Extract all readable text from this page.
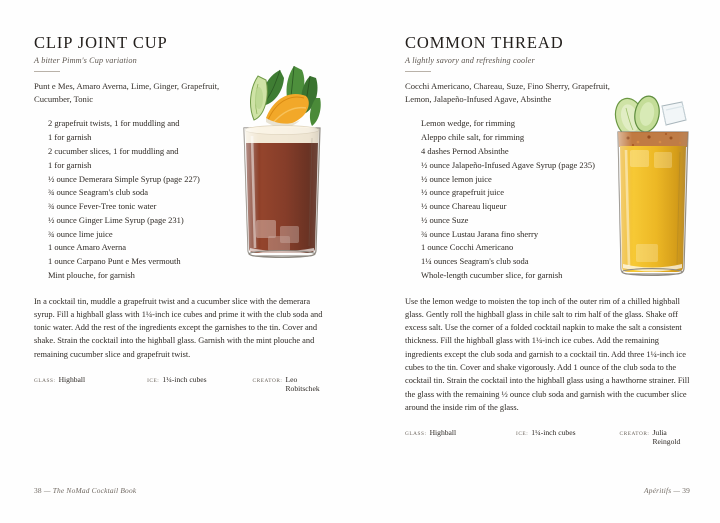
CLIP JOINT CUP

A bitter Pimm's Cup variation

Punt e Mes, Amaro Averna, Lime, Ginger, Grapefruit, Cucumber, Tonic

2 grapefruit twists, 1 for muddling and
1 for garnish
2 cucumber slices, 1 for muddling and
1 for garnish
½ ounce Demerara Simple Syrup (page 227)
¾ ounce Seagram's club soda
¾ ounce Fever-Tree tonic water
½ ounce Ginger Lime Syrup (page 231)
¾ ounce lime juice
1 ounce Amaro Averna
1 ounce Carpano Punt e Mes vermouth
Mint plouche, for garnish

In a cocktail tin, muddle a grapefruit twist and a cucumber slice with the demerara syrup. Fill a highball glass with 1¼-inch ice cubes and prime it with the club soda and tonic water. Add the rest of the ingredients except the garnishes to the tin. Cover and shake. Strain the cocktail into the highball glass. Garnish with the mint plouche and remaining cucumber slice and grapefruit twist.

GLASS: Highball	ICE: 1¼-inch cubes	CREATOR: Leo Robitschek
38 — The NoMad Cocktail Book
COMMON THREAD

A lightly savory and refreshing cooler

Cocchi Americano, Chareau, Suze, Fino Sherry, Grapefruit, Lemon, Jalapeño-Infused Agave, Absinthe

Lemon wedge, for rimming
Aleppo chile salt, for rimming
4 dashes Pernod Absinthe
½ ounce Jalapeño-Infused Agave Syrup (page 235)
½ ounce lemon juice
½ ounce grapefruit juice
½ ounce Chareau liqueur
½ ounce Suze
¾ ounce Lustau Jarana fino sherry
1 ounce Cocchi Americano
1¼ ounces Seagram's club soda
Whole-length cucumber slice, for garnish

Use the lemon wedge to moisten the top inch of the outer rim of a chilled highball glass. Gently roll the highball glass in chile salt to rim half of the glass. Shake off excess salt. Use the corner of a folded cocktail napkin to make the salt a consistent thickness. Fill the highball glass with 1¼-inch ice cubes. Add the remaining ingredients except the club soda and garnish to a cocktail tin. Add three 1¼-inch ice cubes to the tin. Cover and shake vigorously. Add 1 ounce of the club soda to the cocktail tin. Strain the cocktail into the highball glass using a hawthorne strainer. Fill the glass with the remaining ½ ounce club soda and garnish with the cucumber slice around the inside rim of the glass.

GLASS: Highball	ICE: 1¼-inch cubes	CREATOR: Julia Reingold
Apéritifs — 39
